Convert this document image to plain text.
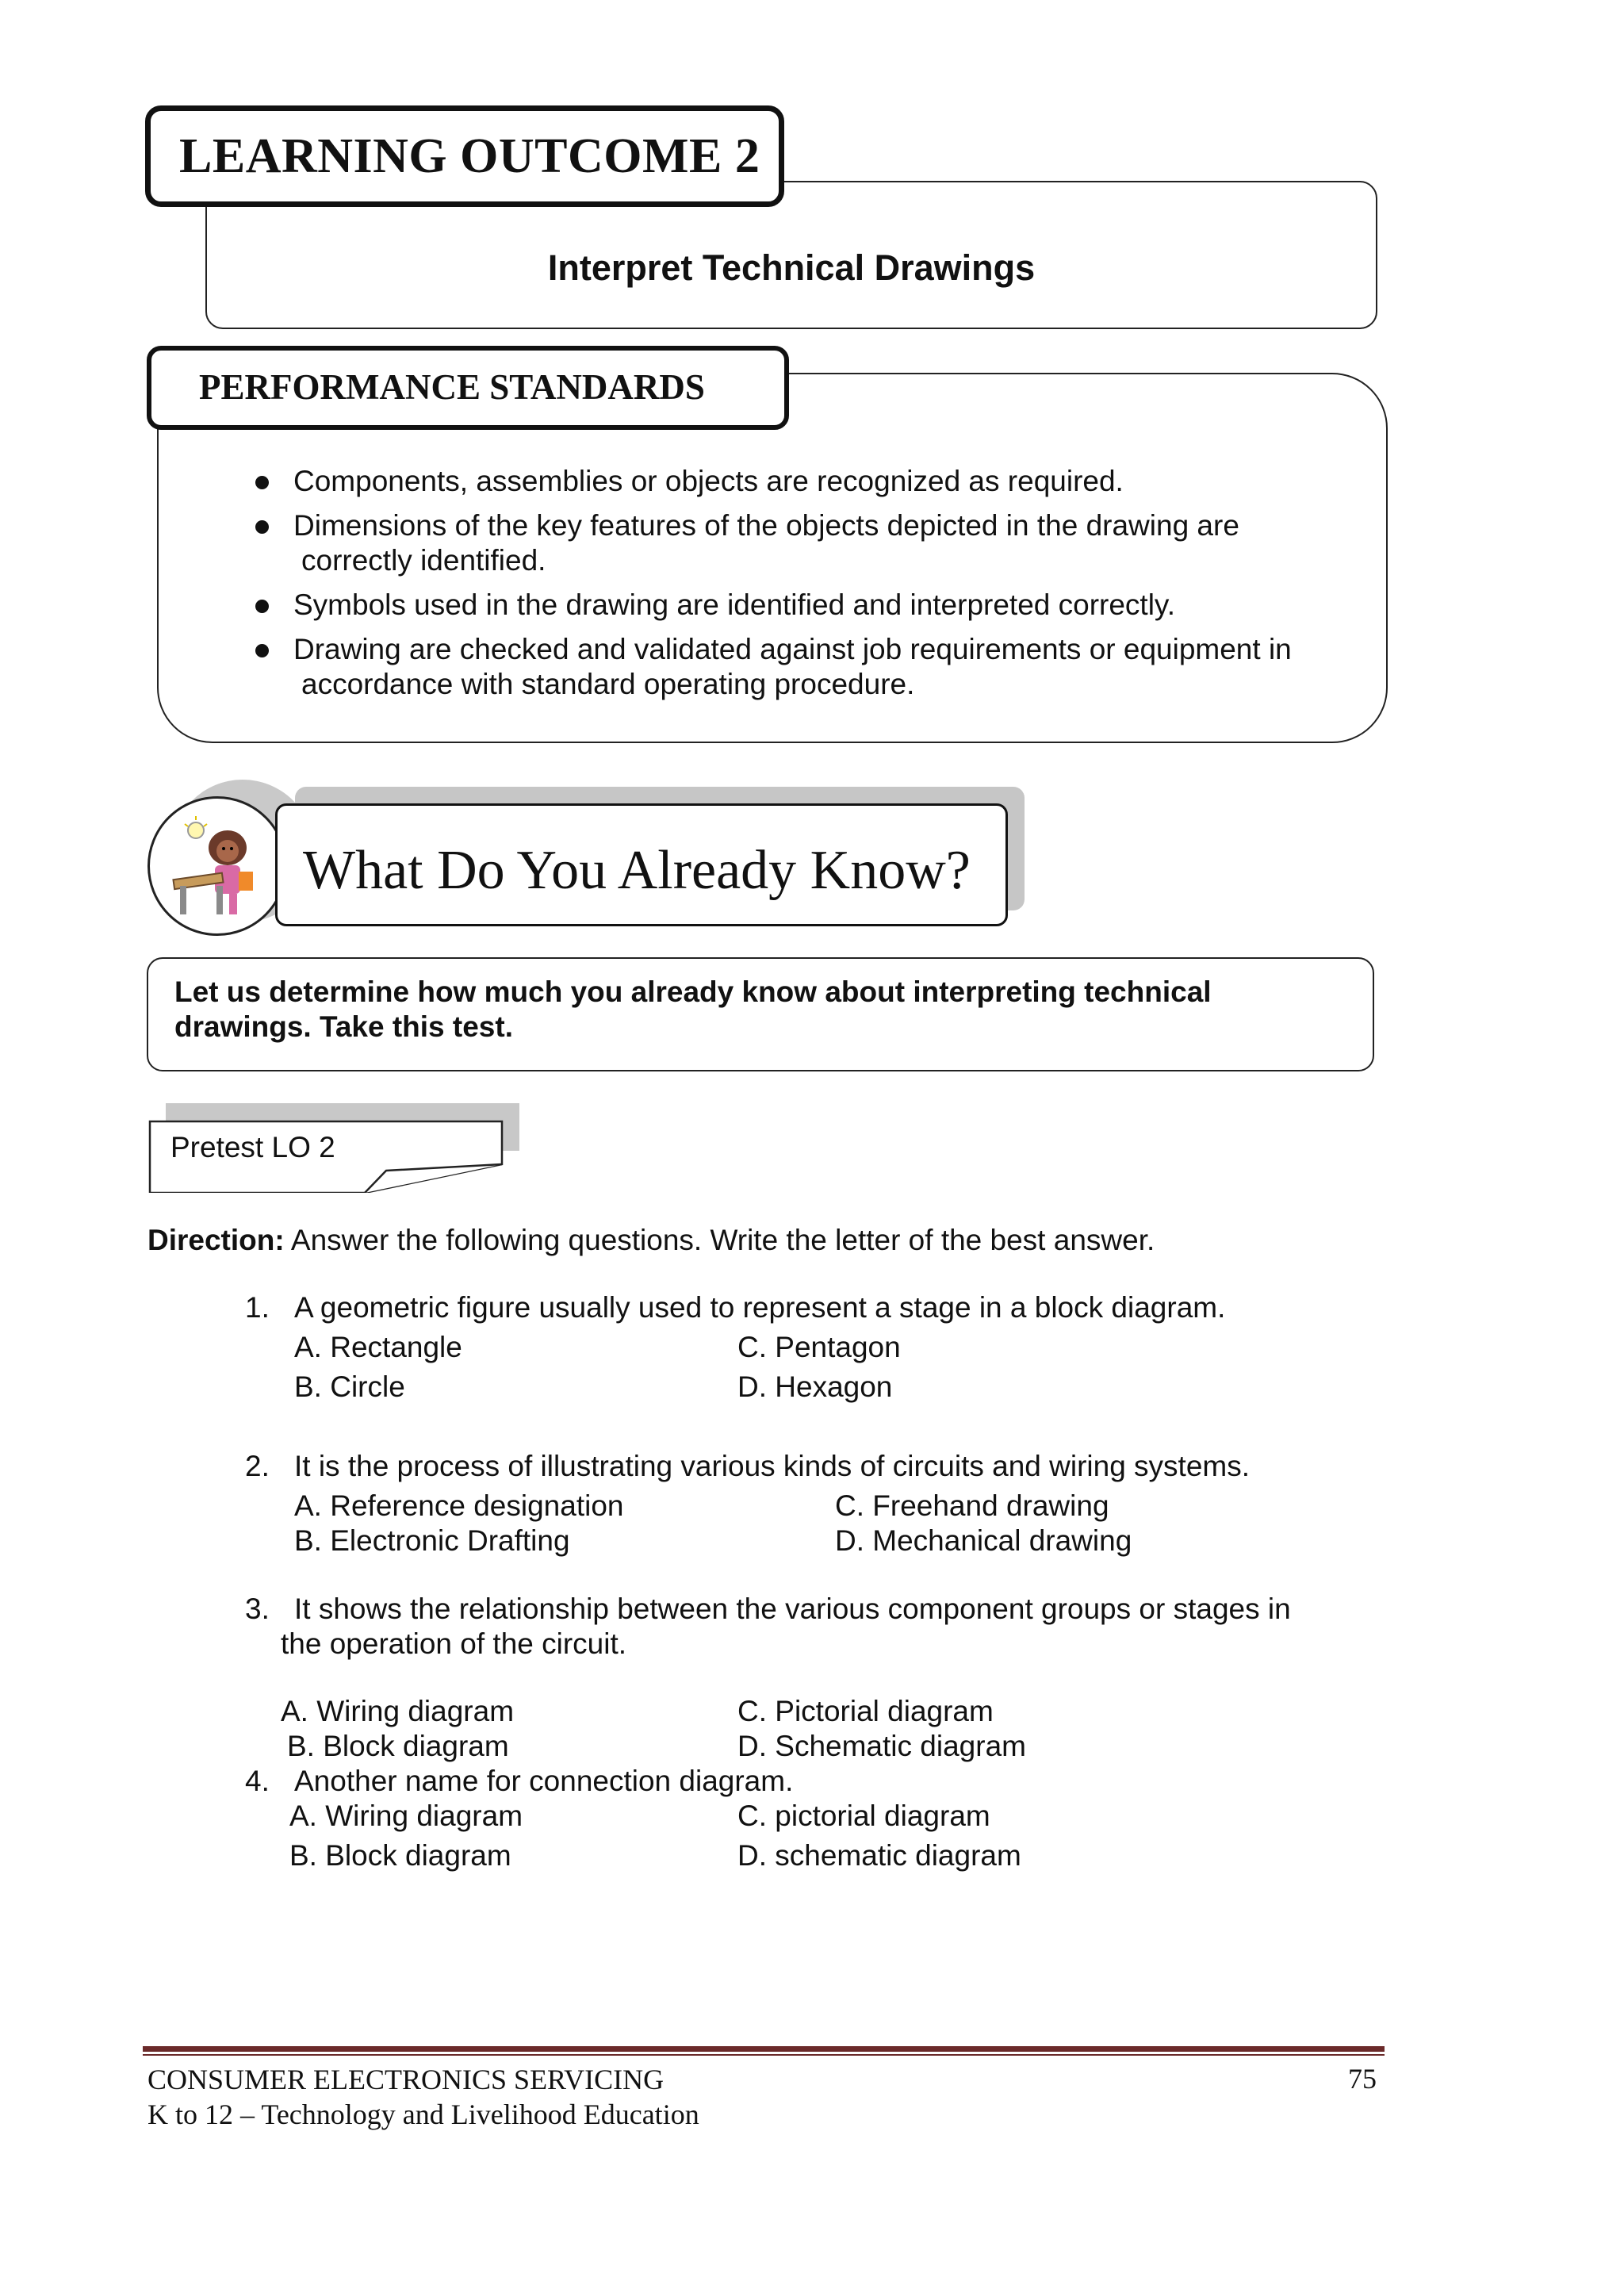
Interpret Technical Drawings
LEARNING OUTCOME 2
PERFORMANCE STANDARDS
Components, assemblies or objects are recognized as required.
Dimensions of the key features of the objects depicted in the drawing are
correctly identified.
Symbols used in the drawing are identified and interpreted correctly.
Drawing are checked and validated against job requirements or equipment in
accordance with standard operating procedure.
What Do You Already Know?
Let us determine how much you already know about interpreting technical drawings. Take this test.
Pretest LO 2
Direction: Answer the following questions. Write the letter of the best answer.
1. A geometric figure usually used to represent a stage in a block diagram.
A. Rectangle	C. Pentagon
B. Circle	D. Hexagon
2. It is the process of illustrating various kinds of circuits and wiring systems.
A. Reference designation	C. Freehand drawing
B. Electronic Drafting	D. Mechanical drawing
3. It shows the relationship between the various component groups or stages in
the operation of the circuit.
A. Wiring diagram	C. Pictorial diagram
B. Block diagram	D. Schematic diagram
4. Another name for connection diagram.
A. Wiring diagram	C. pictorial diagram
B. Block diagram	D. schematic diagram
CONSUMER ELECTRONICS SERVICING
K to 12 – Technology and Livelihood Education
75
